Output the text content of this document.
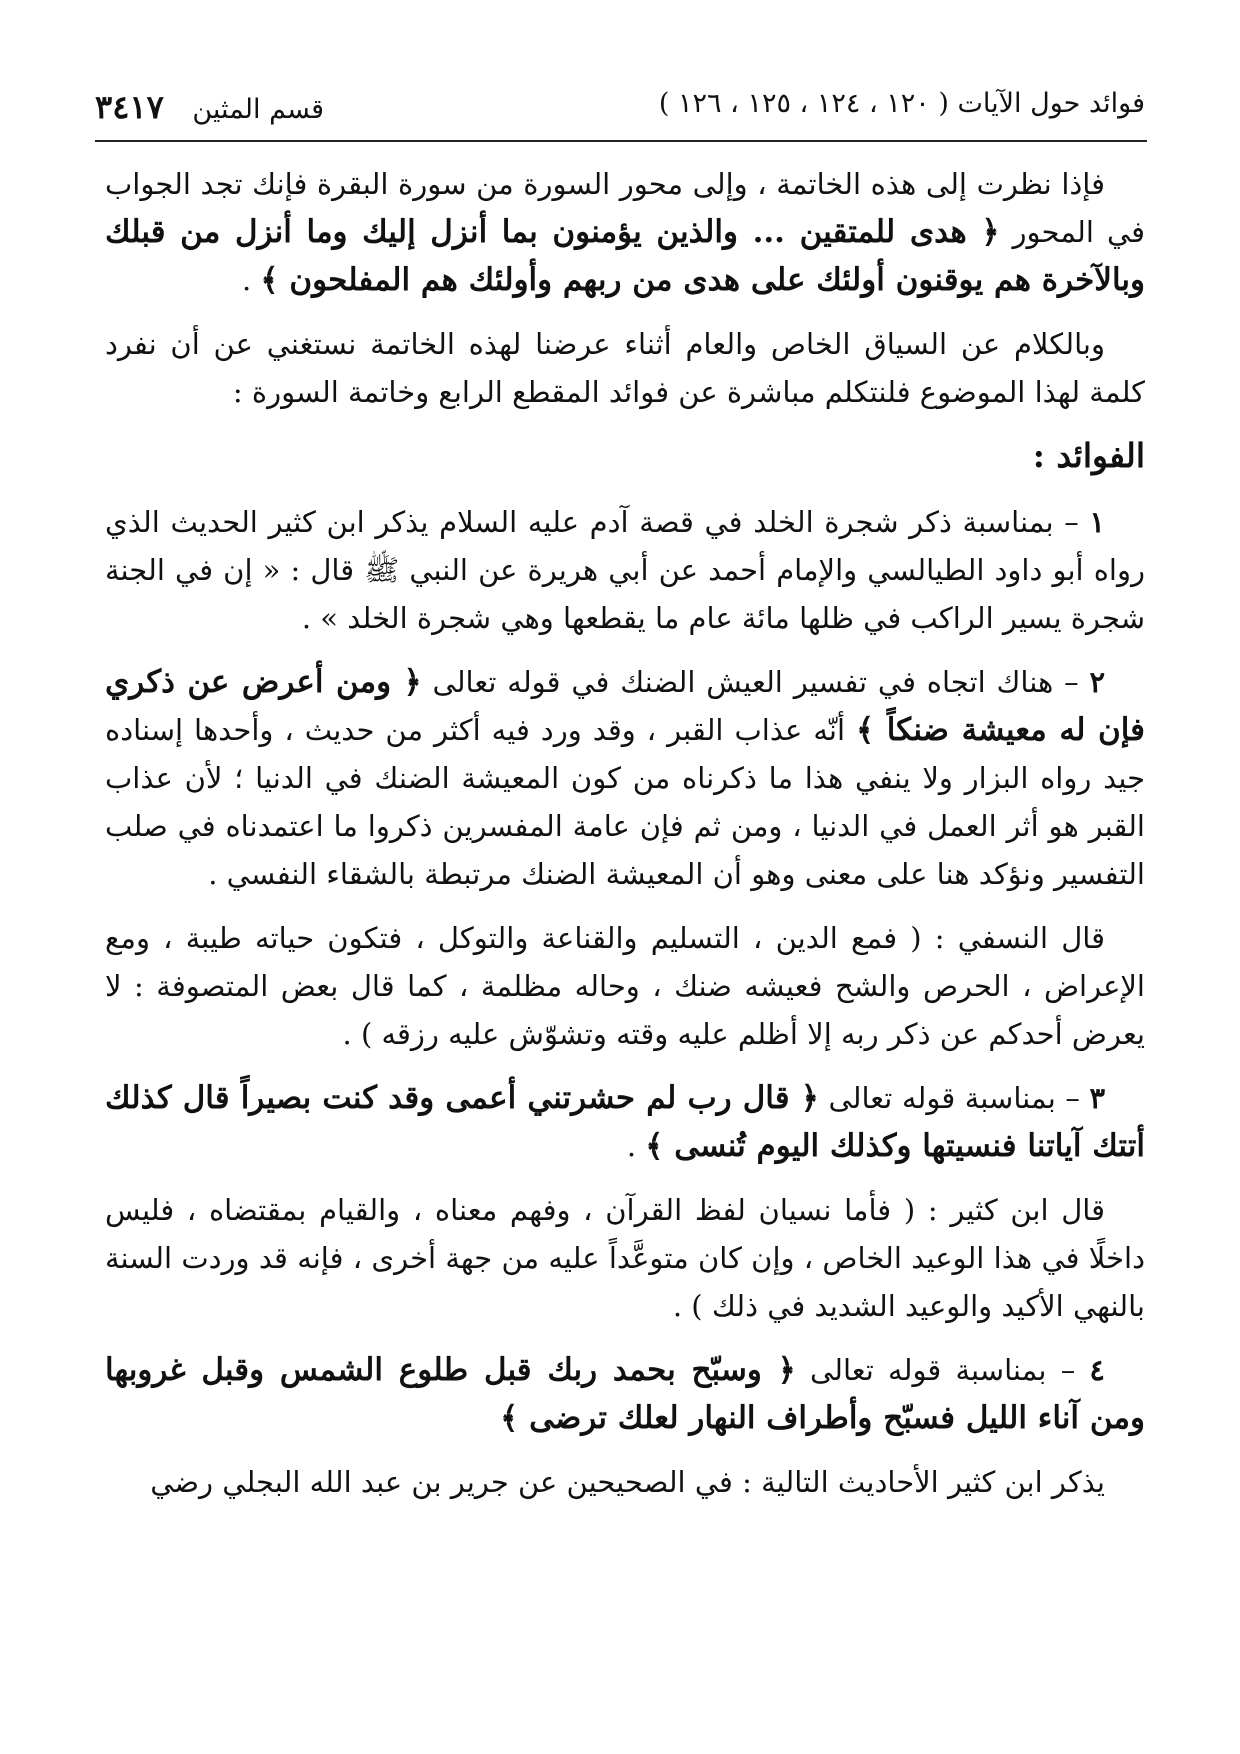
فوائد حول الآيات ( ١٢٠ ، ١٢٤ ، ١٢٥ ، ١٢٦ )
قسم المثين ٣٤١٧

فإذا نظرت إلى هذه الخاتمة ، وإلى محور السورة من سورة البقرة فإنك تجد الجواب في المحور ﴿ هدى للمتقين ... والذين يؤمنون بما أنزل إليك وما أنزل من قبلك وبالآخرة هم يوقنون أولئك على هدى من ربهم وأولئك هم المفلحون ﴾ .

وبالكلام عن السياق الخاص والعام أثناء عرضنا لهذه الخاتمة نستغني عن أن نفرد كلمة لهذا الموضوع فلنتكلم مباشرة عن فوائد المقطع الرابع وخاتمة السورة :

الفوائد :

١ – بمناسبة ذكر شجرة الخلد في قصة آدم عليه السلام يذكر ابن كثير الحديث الذي رواه أبو داود الطيالسي والإمام أحمد عن أبي هريرة عن النبي ﷺ قال : « إن في الجنة شجرة يسير الراكب في ظلها مائة عام ما يقطعها وهي شجرة الخلد » .

٢ – هناك اتجاه في تفسير العيش الضنك في قوله تعالى ﴿ ومن أعرض عن ذكري فإن له معيشة ضنكاً ﴾ أنّه عذاب القبر ، وقد ورد فيه أكثر من حديث ، وأحدها إسناده جيد رواه البزار ولا ينفي هذا ما ذكرناه من كون المعيشة الضنك في الدنيا ؛ لأن عذاب القبر هو أثر العمل في الدنيا ، ومن ثم فإن عامة المفسرين ذكروا ما اعتمدناه في صلب التفسير ونؤكد هنا على معنى وهو أن المعيشة الضنك مرتبطة بالشقاء النفسي .

قال النسفي : ( فمع الدين ، التسليم والقناعة والتوكل ، فتكون حياته طيبة ، ومع الإعراض ، الحرص والشح فعيشه ضنك ، وحاله مظلمة ، كما قال بعض المتصوفة : لا يعرض أحدكم عن ذكر ربه إلا أظلم عليه وقته وتشوّش عليه رزقه ) .

٣ – بمناسبة قوله تعالى ﴿ قال رب لم حشرتني أعمى وقد كنت بصيراً قال كذلك أتتك آياتنا فنسيتها وكذلك اليوم تُنسى ﴾ .

قال ابن كثير : ( فأما نسيان لفظ القرآن ، وفهم معناه ، والقيام بمقتضاه ، فليس داخلًا في هذا الوعيد الخاص ، وإن كان متوعَّداً عليه من جهة أخرى ، فإنه قد وردت السنة بالنهي الأكيد والوعيد الشديد في ذلك ) .

٤ – بمناسبة قوله تعالى ﴿ وسبّح بحمد ربك قبل طلوع الشمس وقبل غروبها ومن آناء الليل فسبّح وأطراف النهار لعلك ترضى ﴾

يذكر ابن كثير الأحاديث التالية : في الصحيحين عن جرير بن عبد الله البجلي رضي
